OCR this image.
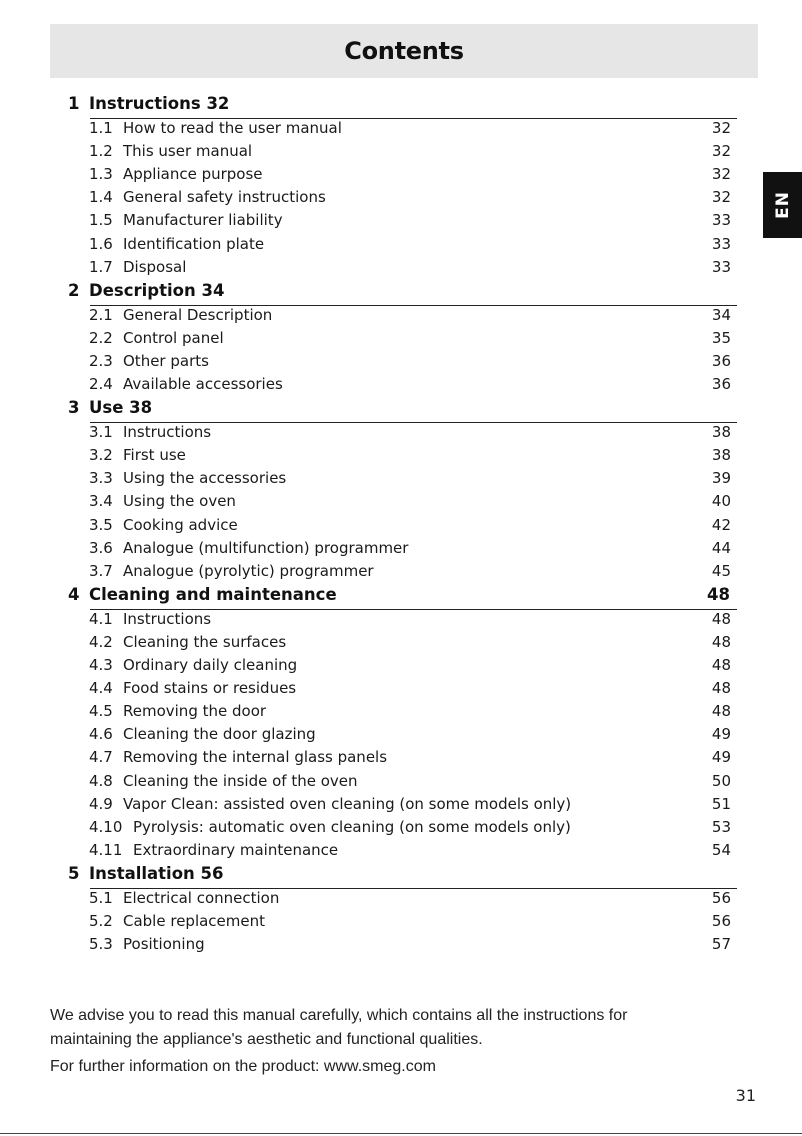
Contents
EN
1 Instructions 32
1.1 How to read the user manual	32
1.2 This user manual	32
1.3 Appliance purpose	32
1.4 General safety instructions	32
1.5 Manufacturer liability	33
1.6 Identification plate	33
1.7 Disposal	33
2 Description 34
2.1 General Description	34
2.2 Control panel	35
2.3 Other parts	36
2.4 Available accessories	36
3 Use 38
3.1 Instructions	38
3.2 First use	38
3.3 Using the accessories	39
3.4 Using the oven	40
3.5 Cooking advice	42
3.6 Analogue (multifunction) programmer	44
3.7 Analogue (pyrolytic) programmer	45
4 Cleaning and maintenance	48
4.1 Instructions	48
4.2 Cleaning the surfaces	48
4.3 Ordinary daily cleaning	48
4.4 Food stains or residues	48
4.5 Removing the door	48
4.6 Cleaning the door glazing	49
4.7 Removing the internal glass panels	49
4.8 Cleaning the inside of the oven	50
4.9 Vapor Clean: assisted oven cleaning (on some models only)	51
4.10 Pyrolysis: automatic oven cleaning (on some models only)	53
4.11 Extraordinary maintenance	54
5 Installation 56
5.1 Electrical connection	56
5.2 Cable replacement	56
5.3 Positioning	57

We advise you to read this manual carefully, which contains all the instructions for

maintaining the appliance's aesthetic and functional qualities.

For further information on the product: www.smeg.com

31
